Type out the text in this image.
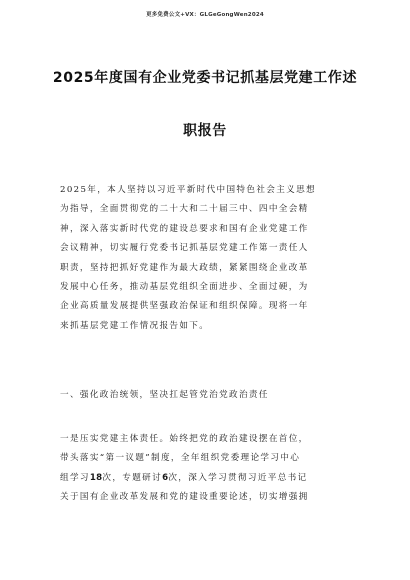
更多免费公文+VX：GLGeGongWen2024
2025年度国有企业党委书记抓基层党建工作述
职报告
2025年，本人坚持以习近平新时代中国特色社会主义思想
为指导，全面贯彻党的二十大和二十届三中、四中全会精
神，深入落实新时代党的建设总要求和国有企业党建工作
会议精神，切实履行党委书记抓基层党建工作第一责任人
职责，坚持把抓好党建作为最大政绩，紧紧围绕企业改革
发展中心任务，推动基层党组织全面进步、全面过硬，为
企业高质量发展提供坚强政治保证和组织保障。现将一年
来抓基层党建工作情况报告如下。
一、强化政治统领，坚决扛起管党治党政治责任
一是压实党建主体责任。始终把党的政治建设摆在首位，
带头落实“第一议题”制度，全年组织党委理论学习中心
组学习18次，专题研讨6次，深入学习贯彻习近平总书记
关于国有企业改革发展和党的建设重要论述，切实增强拥
